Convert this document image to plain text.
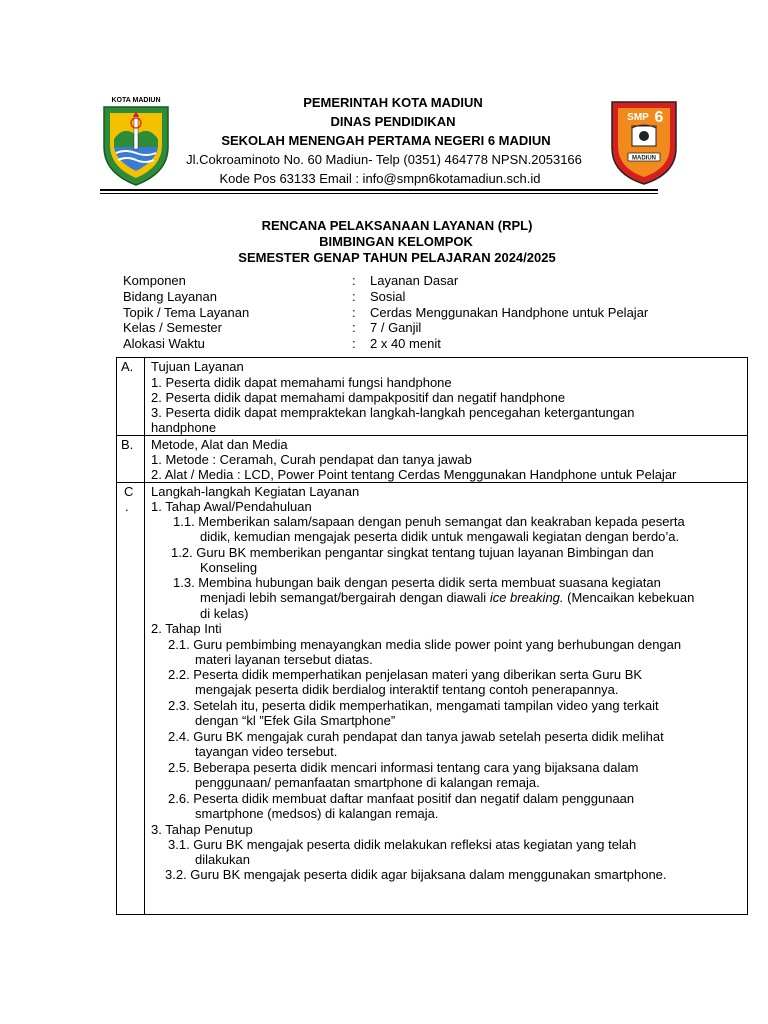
KOTA MADIUN
SMP 6
MADIUN
PEMERINTAH KOTA MADIUN
DINAS PENDIDIKAN
SEKOLAH MENENGAH PERTAMA NEGERI 6 MADIUN
Jl.Cokroaminoto No. 60 Madiun- Telp (0351) 464778 NPSN.2053166
Kode Pos 63133 Email : info@smpn6kotamadiun.sch.id
RENCANA PELAKSANAAN LAYANAN (RPL)
BIMBINGAN KELOMPOK
SEMESTER GENAP TAHUN PELAJARAN 2024/2025
Komponen	: Layanan Dasar
Bidang Layanan	: Sosial
Topik / Tema Layanan	: Cerdas Menggunakan Handphone untuk Pelajar
Kelas / Semester	: 7 / Ganjil
Alokasi Waktu	: 2 x 40 menit
A. Tujuan Layanan
1. Peserta didik dapat memahami fungsi handphone
2. Peserta didik dapat memahami dampakpositif dan negatif handphone
3. Peserta didik dapat mempraktekan langkah-langkah pencegahan ketergantungan
handphone
B. Metode, Alat dan Media
1. Metode : Ceramah, Curah pendapat dan tanya jawab
2. Alat / Media : LCD, Power Point tentang Cerdas Menggunakan Handphone untuk Pelajar
C
.
Langkah-langkah Kegiatan Layanan
1. Tahap Awal/Pendahuluan
1.1. Memberikan salam/sapaan dengan penuh semangat dan keakraban kepada peserta
didik, kemudian mengajak peserta didik untuk mengawali kegiatan dengan berdo’a.
1.2. Guru BK memberikan pengantar singkat tentang tujuan layanan Bimbingan dan
Konseling
1.3. Membina hubungan baik dengan peserta didik serta membuat suasana kegiatan
menjadi lebih semangat/bergairah dengan diawali ice breaking. (Mencaikan kebekuan
di kelas)
2. Tahap Inti
2.1. Guru pembimbing menayangkan media slide power point yang berhubungan dengan
materi layanan tersebut diatas.
2.2. Peserta didik memperhatikan penjelasan materi yang diberikan serta Guru BK
mengajak peserta didik berdialog interaktif tentang contoh penerapannya.
2.3. Setelah itu, peserta didik memperhatikan, mengamati tampilan video yang terkait
dengan “kl ”Efek Gila Smartphone”
2.4. Guru BK mengajak curah pendapat dan tanya jawab setelah peserta didik melihat
tayangan video tersebut.
2.5. Beberapa peserta didik mencari informasi tentang cara yang bijaksana dalam
penggunaan/ pemanfaatan smartphone di kalangan remaja.
2.6. Peserta didik membuat daftar manfaat positif dan negatif dalam penggunaan
smartphone (medsos) di kalangan remaja.
3. Tahap Penutup
3.1. Guru BK mengajak peserta didik melakukan refleksi atas kegiatan yang telah
dilakukan
3.2. Guru BK mengajak peserta didik agar bijaksana dalam menggunakan smartphone.
